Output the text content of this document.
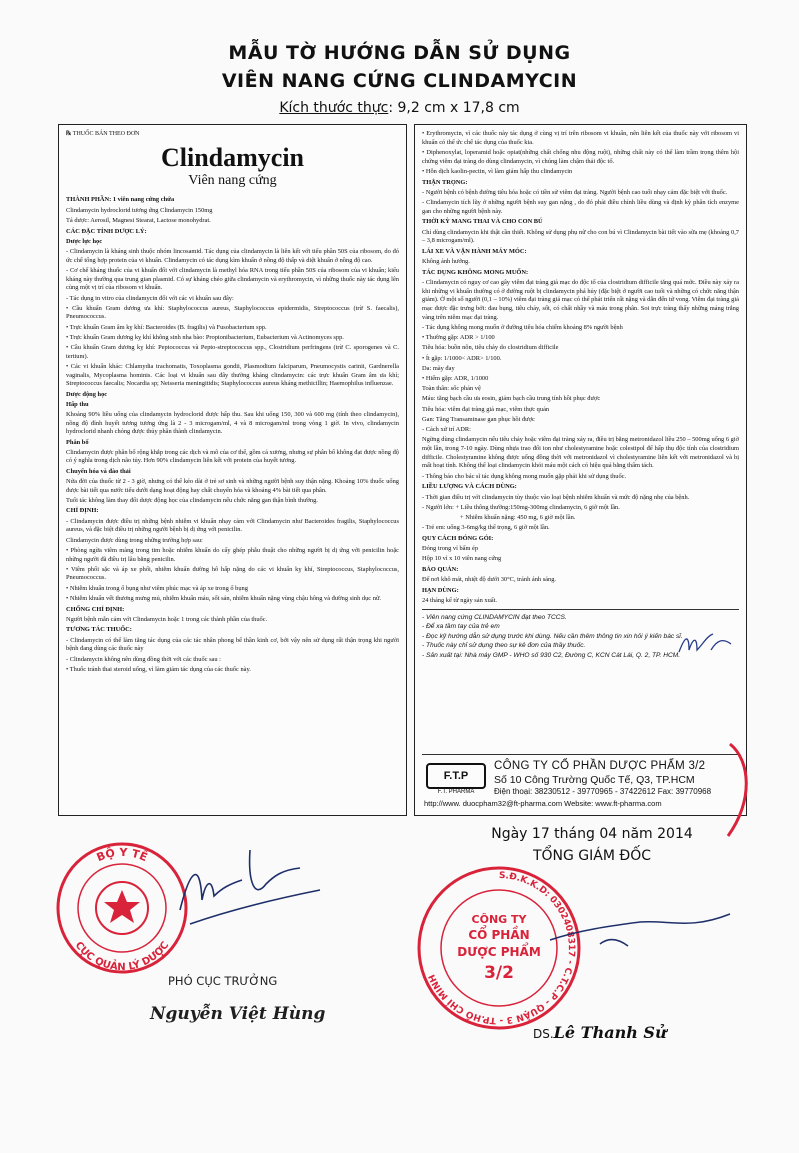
MẪU TỜ HƯỚNG DẪN SỬ DỤNG
VIÊN NANG CỨNG CLINDAMYCIN
Kích thước thực: 9,2 cm x 17,8 cm
℞ THUỐC BÁN THEO ĐƠN
Clindamycin
Viên nang cứng

THÀNH PHẦN: 1 viên nang cứng chứa

Clindamycin hydroclorid tương ứng Clindamycin 150mg

Tá dược: Aerosil, Magnesi Stearat, Lactose monohydrat.

CÁC ĐẶC TÍNH DƯỢC LÝ:

Dược lực học

- Clindamycin là kháng sinh thuộc nhóm lincosamid. Tác dụng của clindamycin là liên kết với tiểu phần 50S của ribosom, do đó ức chế tổng hợp protein của vi khuẩn. Clindamycin có tác dụng kìm khuẩn ở nồng độ thấp và diệt khuẩn ở nồng độ cao.

- Cơ chế kháng thuốc của vi khuẩn đối với clindamycin là methyl hóa RNA trong tiểu phần 50S của ribosom của vi khuẩn; kiểu kháng này thường qua trung gian plasmid. Có sự kháng chéo giữa clindamycin và erythromycin, vì những thuốc này tác dụng lên cùng một vị trí của ribosom vi khuẩn.

- Tác dụng in vitro của clindamycin đối với các vi khuẩn sau đây:

• Cầu khuẩn Gram dương ưa khí: Staphylococcus aureus, Staphylococcus epidermidis, Streptococcus (trừ S. faecalis), Pneumococcus.

• Trực khuẩn Gram âm kỵ khí: Bacteroides (B. fragilis) và Fusobacterium spp.

• Trực khuẩn Gram dương kỵ khí không sinh nha bào: Propionibacterium, Eubacterium và Actinomyces spp.

• Cầu khuẩn Gram dương kỵ khí: Peptococcus và Pepto-streptococcus spp., Clostridium perfringens (trừ C. sporogenes và C. tertium).

• Các vi khuẩn khác: Chlamydia trachomatis, Toxoplasma gondii, Plasmodium falciparum, Pneumocystis carinii, Gardnerella vaginalis, Mycoplasma hominis. Các loại vi khuẩn sau đây thường kháng clindamycin: các trực khuẩn Gram âm ưa khí; Streptococcus faecalis; Nocardia sp; Neisseria meningitidis; Staphylococcus aureus kháng methicillin; Haemophilus influenzae.

Dược động học

Hấp thu

Khoảng 90% liều uống của clindamycin hydroclorid được hấp thu. Sau khi uống 150, 300 và 600 mg (tính theo clindamycin), nồng độ đỉnh huyết tương tương ứng là 2 - 3 microgam/ml, 4 và 8 microgam/ml trong vòng 1 giờ. In vivo, clindamycin hydroclorid nhanh chóng được thủy phân thành clindamycin.

Phân bố

Clindamycin được phân bố rộng khắp trong các dịch và mô của cơ thể, gồm cả xương, nhưng sự phân bố không đạt được nồng độ có ý nghĩa trong dịch não tủy. Hơn 90% clindamycin liên kết với protein của huyết tương.

Chuyển hóa và đào thải

Nửa đời của thuốc từ 2 - 3 giờ, nhưng có thể kéo dài ở trẻ sơ sinh và những người bệnh suy thận nặng. Khoảng 10% thuốc uống được bài tiết qua nước tiểu dưới dạng hoạt động hay chất chuyển hóa và khoảng 4% bài tiết qua phân.

Tuổi tác không làm thay đổi dược động học của clindamycin nếu chức năng gan thận bình thường.

CHỈ ĐỊNH:

- Clindamycin được điều trị những bệnh nhiễm vi khuẩn nhạy cảm với Clindamycin như Bacteroides fragilis, Staphylococcus aureus, và đặc biệt điều trị những người bệnh bị dị ứng với penicilin.

Clindamycin được dùng trong những trường hợp sau:

• Phòng ngừa viêm màng trong tim hoặc nhiễm khuẩn do cấy ghép phẫu thuật cho những người bị dị ứng với penicilin hoặc những người đã điều trị lâu bằng penicilin.

• Viêm phổi sặc và áp xe phổi, nhiễm khuẩn đường hô hấp nặng do các vi khuẩn kỵ khí, Streptococcus, Staphylococcus, Pneumococcus.

• Nhiễm khuẩn trong ổ bụng như viêm phúc mạc và áp xe trong ổ bụng

• Nhiễm khuẩn vết thương mưng mủ, nhiễm khuẩn máu, sốt sản, nhiễm khuẩn nặng vùng chậu hông và đường sinh dục nữ.

CHỐNG CHỈ ĐỊNH:

Người bệnh mẫn cảm với Clindamycin hoặc 1 trong các thành phần của thuốc.

TƯƠNG TÁC THUỐC:

- Clindamycin có thể làm tăng tác dụng của các tác nhân phong bế thần kinh cơ, bởi vậy nên sử dụng rất thận trọng khi người bệnh đang dùng các thuốc này

- Clindamycin không nên dùng đồng thời với các thuốc sau :

• Thuốc tránh thai steroid uống, vì làm giảm tác dụng của các thuốc này.

• Erythromycin, vì các thuốc này tác dụng ở cùng vị trí trên ribosom vi khuẩn, nên liên kết của thuốc này với ribosom vi khuẩn có thể ức chế tác dụng của thuốc kia.

• Diphenoxylat, loperamid hoặc opiat(những chất chống nhu động ruột), những chất này có thể làm trầm trọng thêm hội chứng viêm đại tràng do dùng clindamycin, vì chúng làm chậm thải độc tố.

• Hỗn dịch kaolin-pectin, vì làm giảm hấp thu clindamycin

THẬN TRỌNG:

- Người bệnh có bệnh đường tiêu hóa hoặc có tiền sử viêm đại tràng. Người bệnh cao tuổi nhạy cảm đặc biệt với thuốc.

- Clindamycin tích lũy ở những người bệnh suy gan nặng , do đó phải điều chỉnh liều dùng và định kỳ phân tích enzyme gan cho những người bệnh này.

THỜI KỲ MANG THAI VÀ CHO CON BÚ

Chỉ dùng clindamycin khi thật cần thiết. Không sử dụng phụ nữ cho con bú vì Clindamycin bài tiết vào sữa mẹ (khoảng 0,7 – 3,8 microgam/ml).

LÁI XE VÀ VẬN HÀNH MÁY MÓC:

Không ảnh hưởng.

TÁC DỤNG KHÔNG MONG MUỐN:

- Clindamycin có nguy cơ cao gây viêm đại tràng giả mạc do độc tố của clostridium difficile tăng quá mức. Điều này xảy ra khi những vi khuẩn thường có ở đường ruột bị clindamycin phá hủy (đặc biệt ở người cao tuổi và những có chức năng thận giảm). Ở một số người (0,1 – 10%) viêm đại tràng giả mạc có thể phát triển rất nặng và dẫn đến tử vong. Viêm đại tràng giả mạc được đặc trưng bởi: đau bụng, tiêu chảy, sốt, có chất nhầy và máu trong phân. Soi trực tràng thấy những mảng trắng vàng trên niêm mạc đại tràng.

- Tác dụng không mong muốn ở đường tiêu hóa chiếm khoảng 8% người bệnh

• Thường gặp: ADR > 1/100

Tiêu hóa: buồn nôn, tiêu chảy do clostridium difficile

• Ít gặp: 1/1000< ADR> 1/100.

Da: mày đay

• Hiếm gặp: ADR, 1/1000

Toàn thân: sốc phản vệ

Máu: tăng bạch cầu ưa eosin, giảm bạch cầu trung tính hồi phục được

Tiêu hóa: viêm đại tràng giả mạc, viêm thực quản

Gan: Tăng Transaminase gan phục hồi được

- Cách xử trí ADR:

Ngừng dùng clindamycin nếu tiêu chảy hoặc viêm đại tràng xảy ra, điều trị bằng metronidazol liều 250 – 500mg uống 6 giờ một lần, trong 7-10 ngày. Dùng nhựa trao đổi ion như cholestyramine hoặc colestipol để hấp thụ độc tính của clostridium difficile. Cholestyramine không được uống đồng thời với metronidazol vì cholestyramine liên kết với metronidazol và bị mất hoạt tính. Không thể loại clindamycin khỏi máu một cách có hiệu quả bằng thẩm tách.

- Thông báo cho bác sĩ tác dụng không mong muốn gặp phải khi sử dụng thuốc.

LIỀU LƯỢNG VÀ CÁCH DÙNG:

- Thời gian điều trị với clindamycin tùy thuộc vào loại bệnh nhiễm khuẩn và mức độ nặng nhẹ của bệnh.

- Người lớn: + Liều thông thường:150mg-300mg clindamycin, 6 giờ một lần.

+ Nhiễm khuẩn nặng: 450 mg, 6 giờ một lần.

- Trẻ em: uống 3-6mg/kg thể trọng, 6 giờ một lần.

QUY CÁCH ĐÓNG GÓI:

Đóng trong vỉ bấm ép

Hộp 10 vỉ x 10 viên nang cứng

BẢO QUẢN:

Để nơi khô mát, nhiệt độ dưới 30°C, tránh ánh sáng.

HẠN DÙNG:

24 tháng kể từ ngày sản xuất.

- Viên nang cứng CLINDAMYCIN đạt theo TCCS.
- Để xa tầm tay của trẻ em
- Đọc kỹ hướng dẫn sử dụng trước khi dùng. Nếu cần thêm thông tin xin hỏi ý kiến bác sĩ.
- Thuốc này chỉ sử dụng theo sự kê đơn của thầy thuốc.
- Sản xuất tại: Nhà máy GMP - WHO số 930 C2, Đường C, KCN Cát Lái, Q. 2, TP. HCM.
F.T.P
F.T. PHARMA
CÔNG TY CỔ PHẦN DƯỢC PHẨM 3/2
Số 10 Công Trường Quốc Tế, Q3, TP.HCM
Điện thoại: 38230512 - 39770965 - 37422612 Fax: 39770968
http://www. duocpham32@ft-pharma.com Website: www.ft-pharma.com
Ngày 17 tháng 04 năm 2014
TỔNG GIÁM ĐỐC
BỘ Y TẾ
CỤC QUẢN LÝ DƯỢC
PHÓ CỤC TRƯỞNG
Nguyễn Việt Hùng
S.Đ.K.K.D: 0302408317 - C.T.C.P - QUẬN 3 - TP.HỒ CHÍ MINH
CÔNG TY
CỔ PHẦN
DƯỢC PHẨM
3/2
DS.Lê Thanh Sử
